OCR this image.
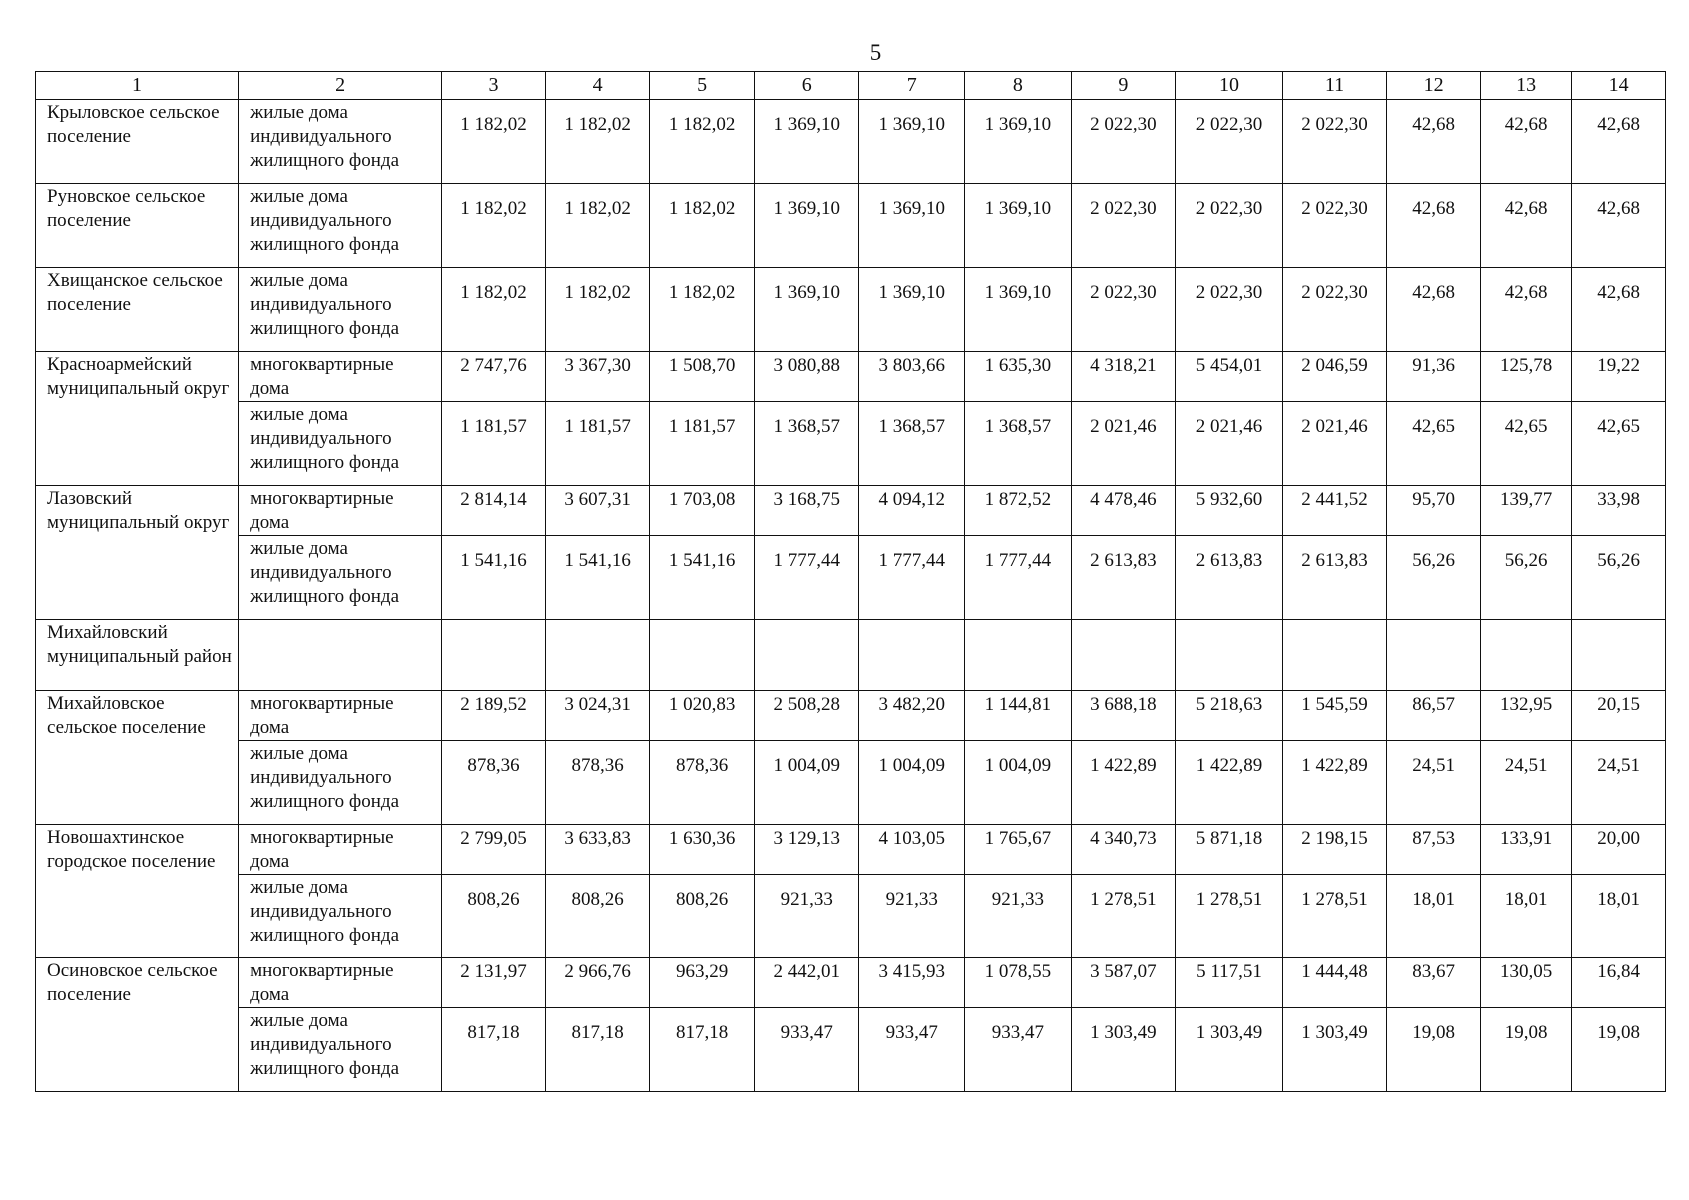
5
1	2	3	4	5	6	7	8	9	10	11	12	13	14
Крыловское сельское поселение	жилые дома индивидуального жилищного фонда	1 182,02	1 182,02	1 182,02	1 369,10	1 369,10	1 369,10	2 022,30	2 022,30	2 022,30	42,68	42,68	42,68
Руновское сельское поселение	жилые дома индивидуального жилищного фонда	1 182,02	1 182,02	1 182,02	1 369,10	1 369,10	1 369,10	2 022,30	2 022,30	2 022,30	42,68	42,68	42,68
Хвищанское сельское поселение	жилые дома индивидуального жилищного фонда	1 182,02	1 182,02	1 182,02	1 369,10	1 369,10	1 369,10	2 022,30	2 022,30	2 022,30	42,68	42,68	42,68
Красноармейский муниципальный округ	многоквартирные дома	2 747,76	3 367,30	1 508,70	3 080,88	3 803,66	1 635,30	4 318,21	5 454,01	2 046,59	91,36	125,78	19,22
	жилые дома индивидуального жилищного фонда	1 181,57	1 181,57	1 181,57	1 368,57	1 368,57	1 368,57	2 021,46	2 021,46	2 021,46	42,65	42,65	42,65
Лазовский муниципальный округ	многоквартирные дома	2 814,14	3 607,31	1 703,08	3 168,75	4 094,12	1 872,52	4 478,46	5 932,60	2 441,52	95,70	139,77	33,98
	жилые дома индивидуального жилищного фонда	1 541,16	1 541,16	1 541,16	1 777,44	1 777,44	1 777,44	2 613,83	2 613,83	2 613,83	56,26	56,26	56,26
Михайловский муниципальный район													
Михайловское сельское поселение	многоквартирные дома	2 189,52	3 024,31	1 020,83	2 508,28	3 482,20	1 144,81	3 688,18	5 218,63	1 545,59	86,57	132,95	20,15
	жилые дома индивидуального жилищного фонда	878,36	878,36	878,36	1 004,09	1 004,09	1 004,09	1 422,89	1 422,89	1 422,89	24,51	24,51	24,51
Новошахтинское городское поселение	многоквартирные дома	2 799,05	3 633,83	1 630,36	3 129,13	4 103,05	1 765,67	4 340,73	5 871,18	2 198,15	87,53	133,91	20,00
	жилые дома индивидуального жилищного фонда	808,26	808,26	808,26	921,33	921,33	921,33	1 278,51	1 278,51	1 278,51	18,01	18,01	18,01
Осиновское сельское поселение	многоквартирные дома	2 131,97	2 966,76	963,29	2 442,01	3 415,93	1 078,55	3 587,07	5 117,51	1 444,48	83,67	130,05	16,84
	жилые дома индивидуального жилищного фонда	817,18	817,18	817,18	933,47	933,47	933,47	1 303,49	1 303,49	1 303,49	19,08	19,08	19,08
